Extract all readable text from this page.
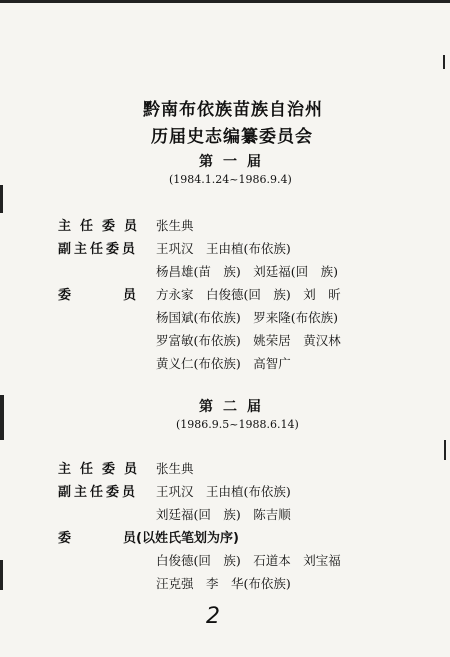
黔南布依族苗族自治州
历届史志编纂委员会
第一届
(1984.1.24~1986.9.4)
主任委员 张生典
副主任委员 王巩汉　王由植(布依族)
杨昌雄(苗　族)　刘廷福(回　族)
委　　　　员 方永家　白俊德(回　族)　刘　昕
杨国斌(布依族)　罗来隆(布依族)
罗富敏(布依族)　姚荣居　黄汉林
黄义仁(布依族)　高智广
第二届
(1986.9.5~1988.6.14)
主任委员 张生典
副主任委员 王巩汉　王由植(布依族)
刘廷福(回　族)　陈吉顺
委　　　　员(以姓氏笔划为序)
白俊德(回　族)　石道本　刘宝福
汪克强　李　华(布依族)
2
